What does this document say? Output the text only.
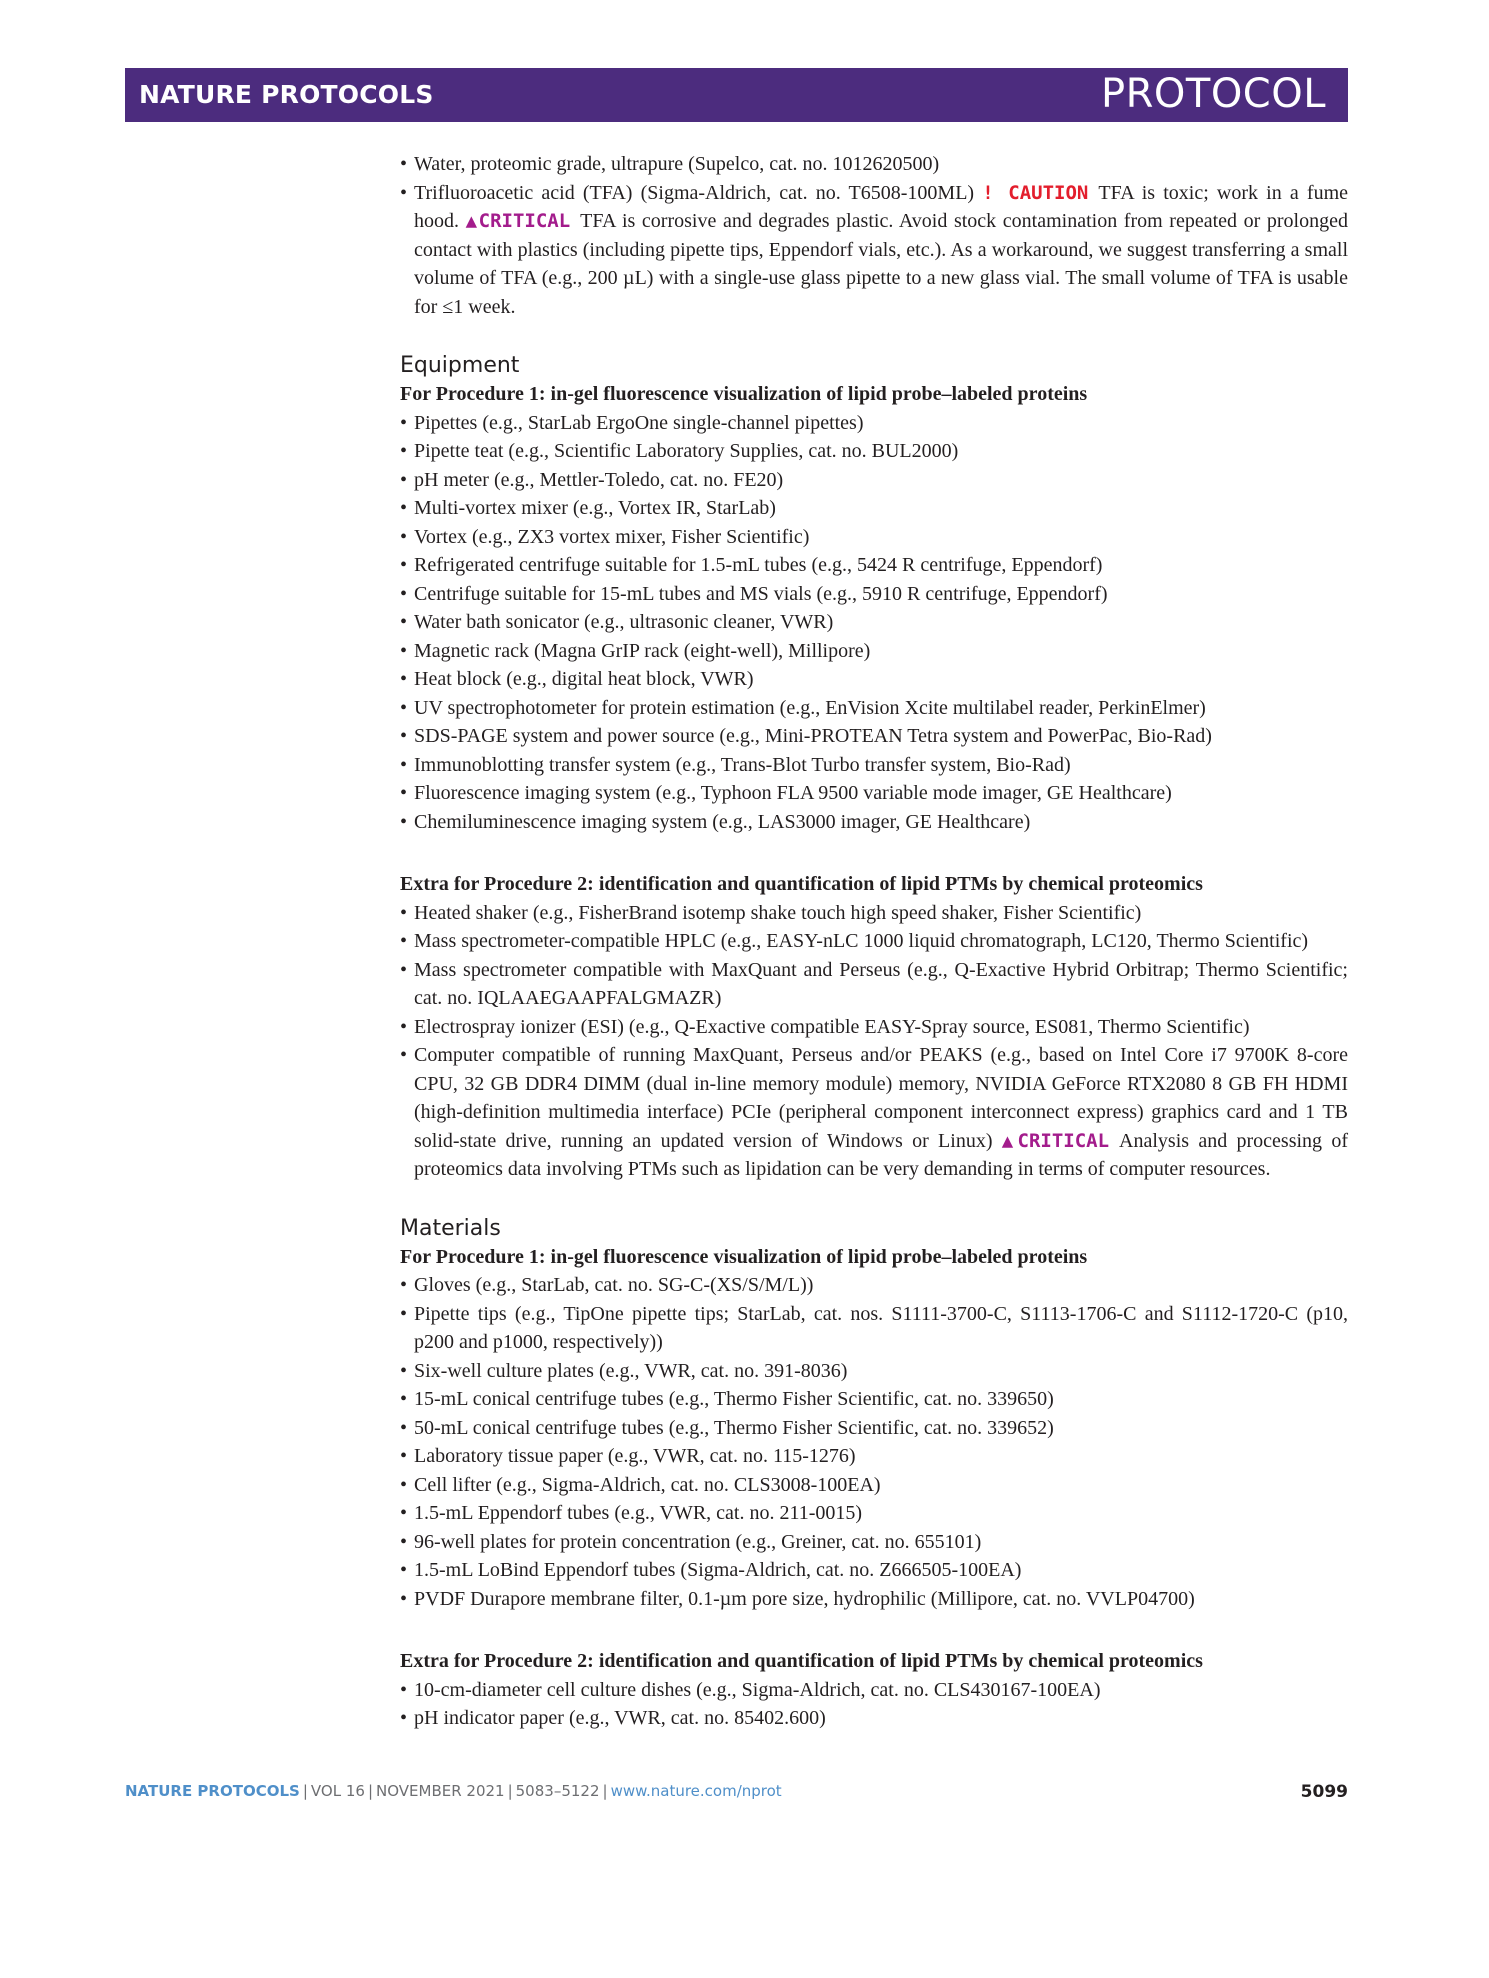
NATURE PROTOCOLS	PROTOCOL
• Water, proteomic grade, ultrapure (Supelco, cat. no. 1012620500)
• Trifluoroacetic acid (TFA) (Sigma-Aldrich, cat. no. T6508-100ML) ! CAUTION TFA is toxic; work in a fume hood. ▲CRITICAL TFA is corrosive and degrades plastic. Avoid stock contamination from repeated or prolonged contact with plastics (including pipette tips, Eppendorf vials, etc.). As a workaround, we suggest transferring a small volume of TFA (e.g., 200 µL) with a single-use glass pipette to a new glass vial. The small volume of TFA is usable for ≤1 week.
Equipment
For Procedure 1: in-gel fluorescence visualization of lipid probe–labeled proteins
• Pipettes (e.g., StarLab ErgoOne single-channel pipettes)
• Pipette teat (e.g., Scientific Laboratory Supplies, cat. no. BUL2000)
• pH meter (e.g., Mettler-Toledo, cat. no. FE20)
• Multi-vortex mixer (e.g., Vortex IR, StarLab)
• Vortex (e.g., ZX3 vortex mixer, Fisher Scientific)
• Refrigerated centrifuge suitable for 1.5-mL tubes (e.g., 5424 R centrifuge, Eppendorf)
• Centrifuge suitable for 15-mL tubes and MS vials (e.g., 5910 R centrifuge, Eppendorf)
• Water bath sonicator (e.g., ultrasonic cleaner, VWR)
• Magnetic rack (Magna GrIP rack (eight-well), Millipore)
• Heat block (e.g., digital heat block, VWR)
• UV spectrophotometer for protein estimation (e.g., EnVision Xcite multilabel reader, PerkinElmer)
• SDS-PAGE system and power source (e.g., Mini-PROTEAN Tetra system and PowerPac, Bio-Rad)
• Immunoblotting transfer system (e.g., Trans-Blot Turbo transfer system, Bio-Rad)
• Fluorescence imaging system (e.g., Typhoon FLA 9500 variable mode imager, GE Healthcare)
• Chemiluminescence imaging system (e.g., LAS3000 imager, GE Healthcare)
Extra for Procedure 2: identification and quantification of lipid PTMs by chemical proteomics
• Heated shaker (e.g., FisherBrand isotemp shake touch high speed shaker, Fisher Scientific)
• Mass spectrometer-compatible HPLC (e.g., EASY-nLC 1000 liquid chromatograph, LC120, Thermo Scientific)
• Mass spectrometer compatible with MaxQuant and Perseus (e.g., Q-Exactive Hybrid Orbitrap; Thermo Scientific; cat. no. IQLAAEGAAPFALGMAZR)
• Electrospray ionizer (ESI) (e.g., Q-Exactive compatible EASY-Spray source, ES081, Thermo Scientific)
• Computer compatible of running MaxQuant, Perseus and/or PEAKS (e.g., based on Intel Core i7 9700K 8-core CPU, 32 GB DDR4 DIMM (dual in-line memory module) memory, NVIDIA GeForce RTX2080 8 GB FH HDMI (high-definition multimedia interface) PCIe (peripheral component interconnect express) graphics card and 1 TB solid-state drive, running an updated version of Windows or Linux) ▲CRITICAL Analysis and processing of proteomics data involving PTMs such as lipidation can be very demanding in terms of computer resources.
Materials
For Procedure 1: in-gel fluorescence visualization of lipid probe–labeled proteins
• Gloves (e.g., StarLab, cat. no. SG-C-(XS/S/M/L))
• Pipette tips (e.g., TipOne pipette tips; StarLab, cat. nos. S1111-3700-C, S1113-1706-C and S1112-1720-C (p10, p200 and p1000, respectively))
• Six-well culture plates (e.g., VWR, cat. no. 391-8036)
• 15-mL conical centrifuge tubes (e.g., Thermo Fisher Scientific, cat. no. 339650)
• 50-mL conical centrifuge tubes (e.g., Thermo Fisher Scientific, cat. no. 339652)
• Laboratory tissue paper (e.g., VWR, cat. no. 115-1276)
• Cell lifter (e.g., Sigma-Aldrich, cat. no. CLS3008-100EA)
• 1.5-mL Eppendorf tubes (e.g., VWR, cat. no. 211-0015)
• 96-well plates for protein concentration (e.g., Greiner, cat. no. 655101)
• 1.5-mL LoBind Eppendorf tubes (Sigma-Aldrich, cat. no. Z666505-100EA)
• PVDF Durapore membrane filter, 0.1-µm pore size, hydrophilic (Millipore, cat. no. VVLP04700)
Extra for Procedure 2: identification and quantification of lipid PTMs by chemical proteomics
• 10-cm-diameter cell culture dishes (e.g., Sigma-Aldrich, cat. no. CLS430167-100EA)
• pH indicator paper (e.g., VWR, cat. no. 85402.600)
NATURE PROTOCOLS | VOL 16 | NOVEMBER 2021 | 5083–5122 | www.nature.com/nprot	5099
